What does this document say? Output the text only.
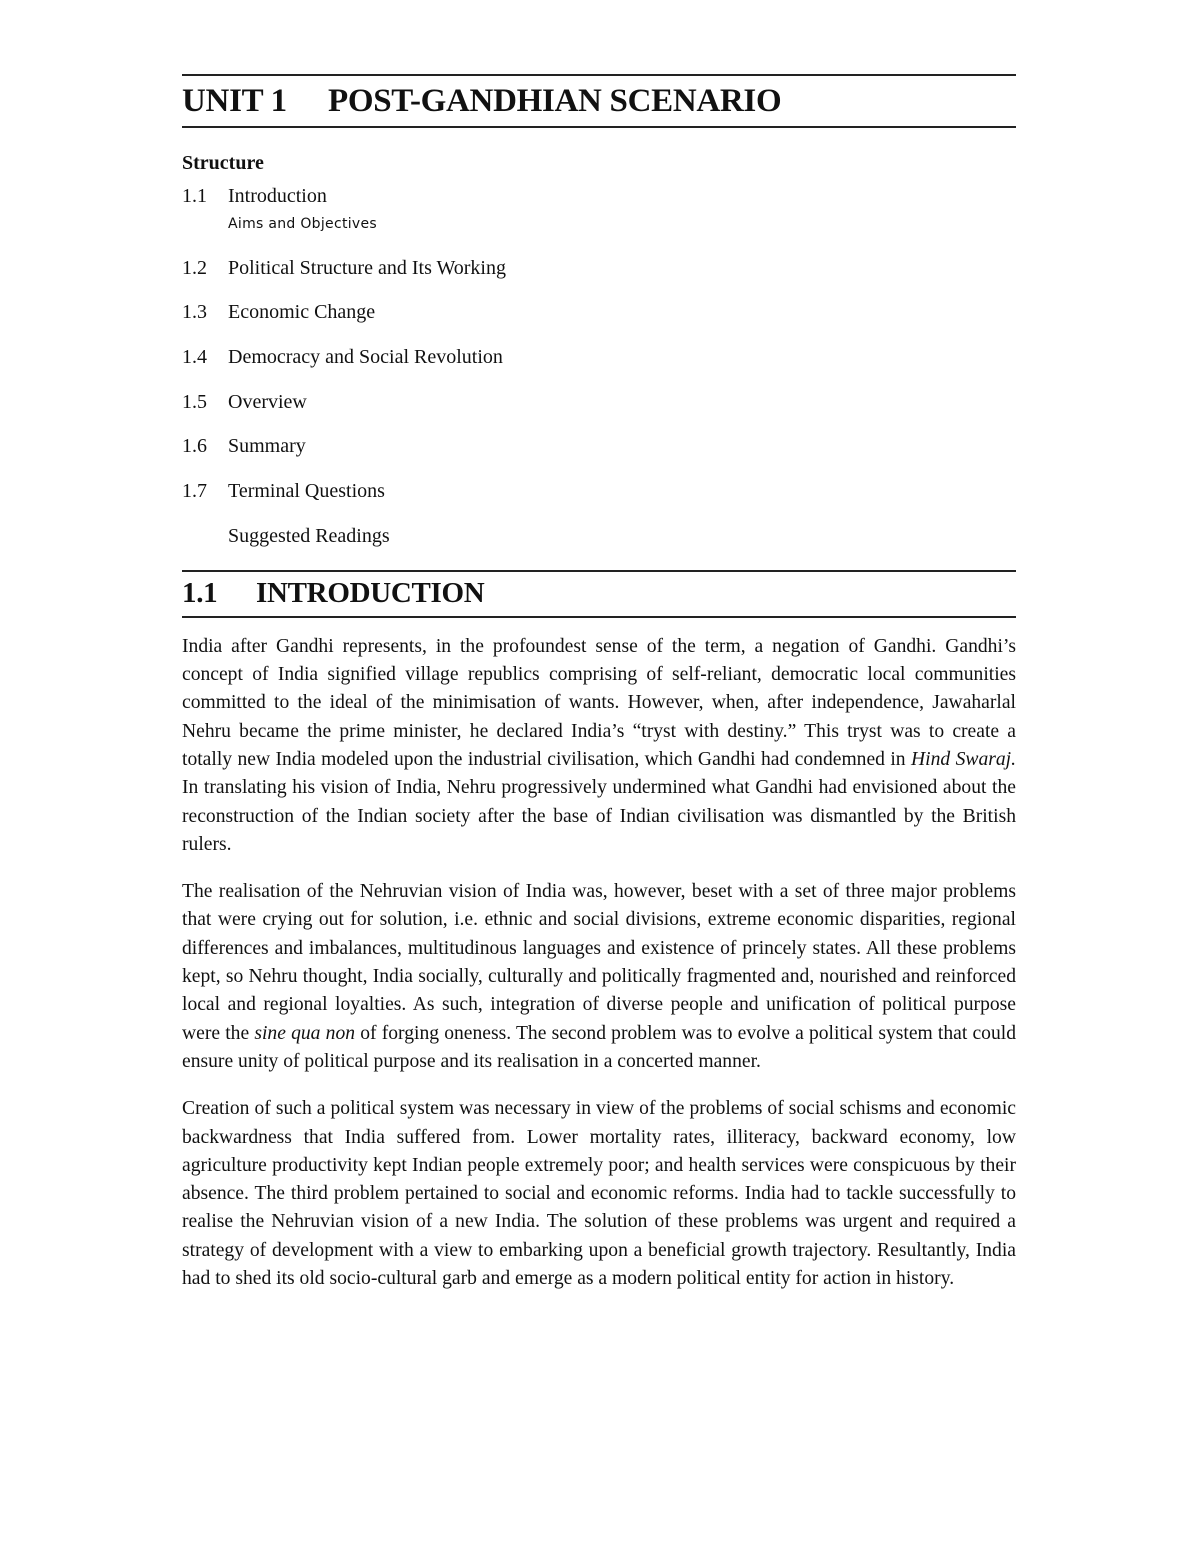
UNIT 1	POST-GANDHIAN SCENARIO
Structure
1.1	Introduction
Aims and Objectives
1.2	Political Structure and Its Working
1.3	Economic Change
1.4	Democracy and Social Revolution
1.5	Overview
1.6	Summary
1.7	Terminal Questions
Suggested Readings
1.1	INTRODUCTION

India after Gandhi represents, in the profoundest sense of the term, a negation of Gandhi. Gandhi’s concept of India signified village republics comprising of self-reliant, democratic local communities committed to the ideal of the minimisation of wants. However, when, after independence, Jawaharlal Nehru became the prime minister, he declared India’s “tryst with destiny.” This tryst was to create a totally new India modeled upon the industrial civilisation, which Gandhi had condemned in Hind Swaraj. In translating his vision of India, Nehru progressively undermined what Gandhi had envisioned about the reconstruction of the Indian society after the base of Indian civilisation was dismantled by the British rulers.

The realisation of the Nehruvian vision of India was, however, beset with a set of three major problems that were crying out for solution, i.e. ethnic and social divisions, extreme economic disparities, regional differences and imbalances, multitudinous languages and existence of princely states. All these problems kept, so Nehru thought, India socially, culturally and politically fragmented and, nourished and reinforced local and regional loyalties. As such, integration of diverse people and unification of political purpose were the sine qua non of forging oneness. The second problem was to evolve a political system that could ensure unity of political purpose and its realisation in a concerted manner.

Creation of such a political system was necessary in view of the problems of social schisms and economic backwardness that India suffered from. Lower mortality rates, illiteracy, backward economy, low agriculture productivity kept Indian people extremely poor; and health services were conspicuous by their absence. The third problem pertained to social and economic reforms. India had to tackle successfully to realise the Nehruvian vision of a new India. The solution of these problems was urgent and required a strategy of development with a view to embarking upon a beneficial growth trajectory. Resultantly, India had to shed its old socio-cultural garb and emerge as a modern political entity for action in history.
